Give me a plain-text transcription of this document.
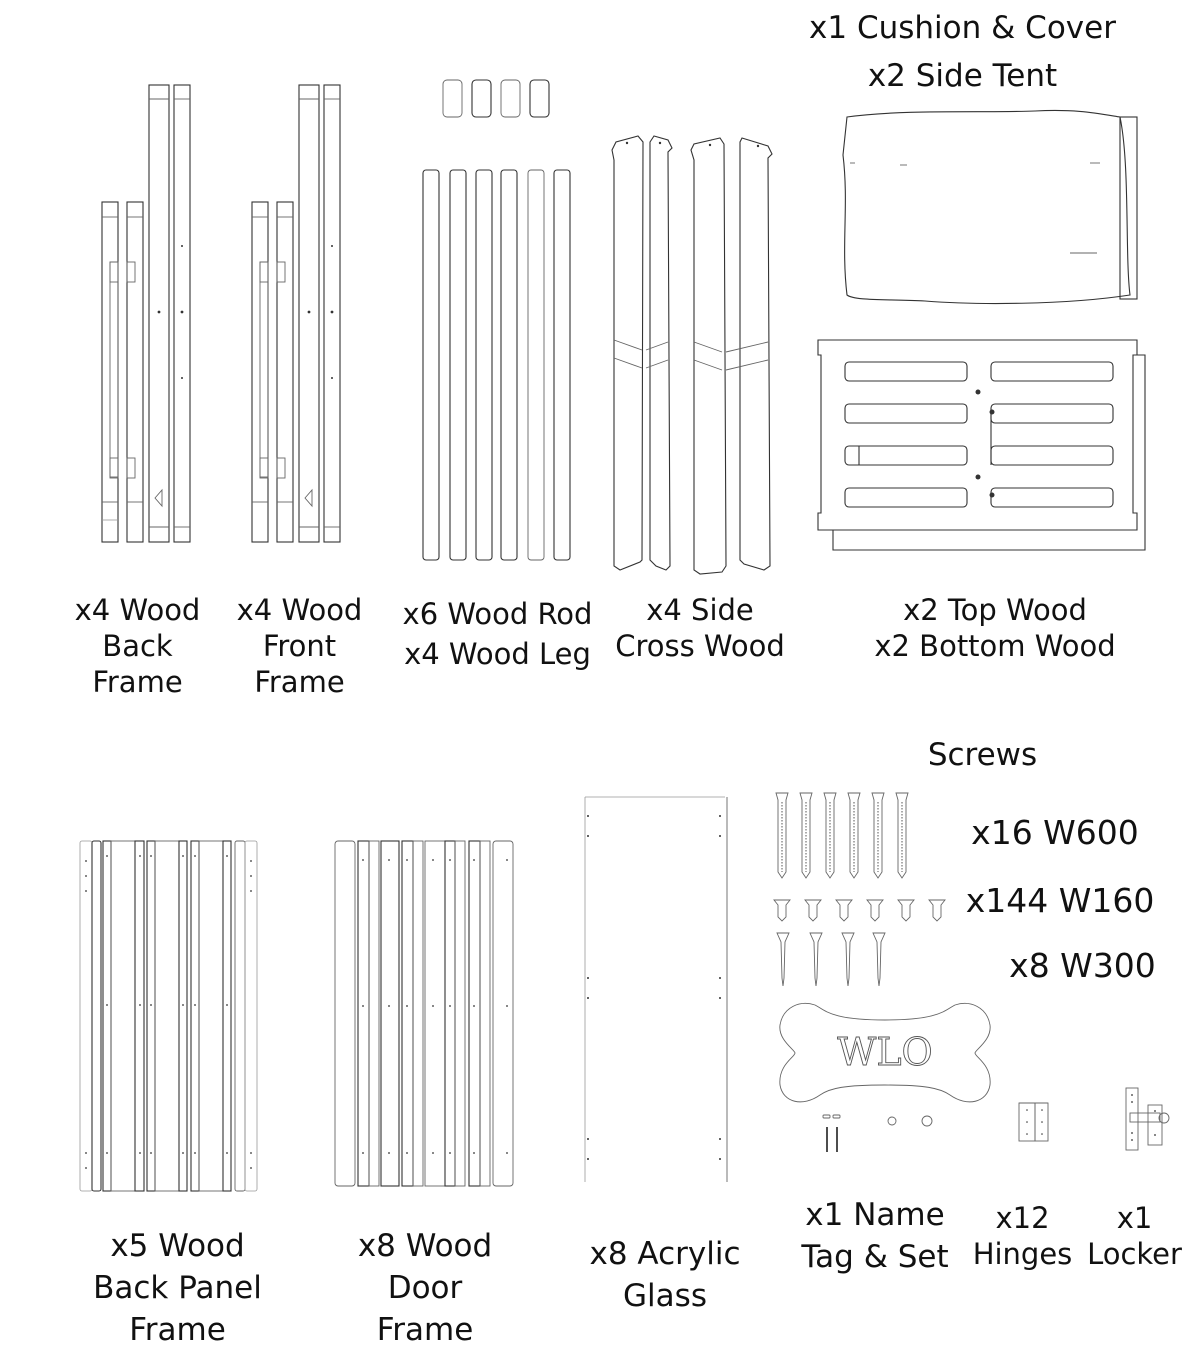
x4 Wood
Back
Frame
x4 Wood
Front
Frame
x6 Wood Rod
x4 Wood Leg
x4 Side
Cross Wood
x2 Top Wood
x2 Bottom Wood
x1 Cushion & Cover
x2 Side Tent
Screws
x16 W600
x144 W160
x8 W300
WLO
x5 Wood
Back Panel
Frame
x8 Wood
Door
Frame
x8 Acrylic
Glass
x1 Name
Tag & Set
x12
Hinges
x1
Locker
